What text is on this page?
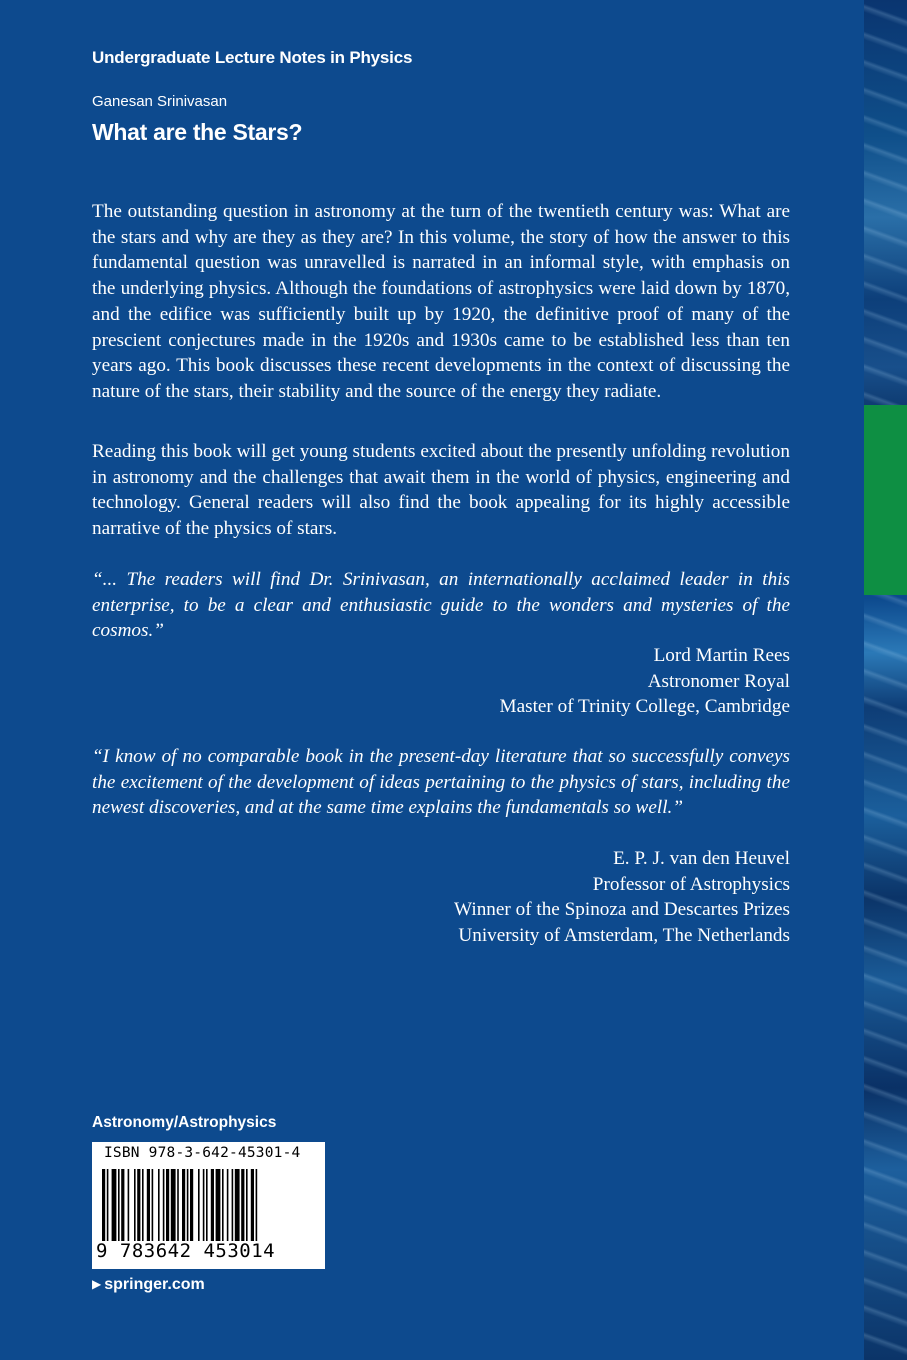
Undergraduate Lecture Notes in Physics
Ganesan Srinivasan
What are the Stars?

The outstanding question in astronomy at the turn of the twentieth century was: What are the stars and why are they as they are? In this volume, the story of how the answer to this fundamental question was unravelled is narrated in an informal style, with emphasis on the underlying physics. Although the foundations of astrophysics were laid down by 1870, and the edifice was sufficiently built up by 1920, the definitive proof of many of the prescient conjectures made in the 1920s and 1930s came to be established less than ten years ago. This book discusses these recent developments in the context of discussing the nature of the stars, their stability and the source of the energy they radiate.

Reading this book will get young students excited about the presently unfolding revolution in astronomy and the challenges that await them in the world of physics, engineering and technology. General readers will also find the book appealing for its highly accessible narrative of the physics of stars.

“... The readers will find Dr. Srinivasan, an internationally acclaimed leader in this enterprise, to be a clear and enthusiastic guide to the wonders and mysteries of the cosmos.”

Lord Martin Rees
Astronomer Royal
Master of Trinity College, Cambridge

“I know of no comparable book in the present-day literature that so successfully conveys the excitement of the development of ideas pertaining to the physics of stars, including the newest discoveries, and at the same time explains the fundamentals so well.”

E. P. J. van den Heuvel
Professor of Astrophysics
Winner of the Spinoza and Descartes Prizes
University of Amsterdam, The Netherlands
Astronomy/Astrophysics
ISBN 978-3-642-45301-4
9 783642 453014
▶ springer.com
